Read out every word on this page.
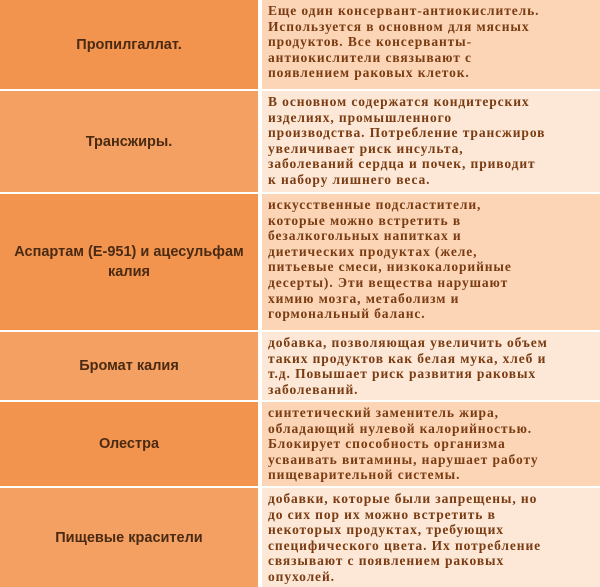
Пропилгаллат.
Еще один консервант-антиокислитель.
Используется в основном для мясных
продуктов. Все консерванты-
антиокислители связывают с
появлением раковых клеток.
Трансжиры.
В основном содержатся кондитерских
изделиях, промышленного
производства. Потребление трансжиров
увеличивает риск инсульта,
заболеваний сердца и почек, приводит
к набору лишнего веса.
Аспартам (E-951) и ацесульфам калия
искусственные подсластители,
которые можно встретить в
безалкогольных напитках и
диетических продуктах (желе,
питьевые смеси, низкокалорийные
десерты). Эти вещества нарушают
химию мозга, метаболизм и
гормональный баланс.
Бромат калия
добавка, позволяющая увеличить объем
таких продуктов как белая мука, хлеб и
т.д. Повышает риск развития раковых
заболеваний.
Олестра
синтетический заменитель жира,
обладающий нулевой калорийностью.
Блокирует способность организма
усваивать витамины, нарушает работу
пищеварительной системы.
Пищевые красители
добавки, которые были запрещены, но
до сих пор их можно встретить в
некоторых продуктах, требующих
специфического цвета. Их потребление
связывают с появлением раковых
опухолей.
